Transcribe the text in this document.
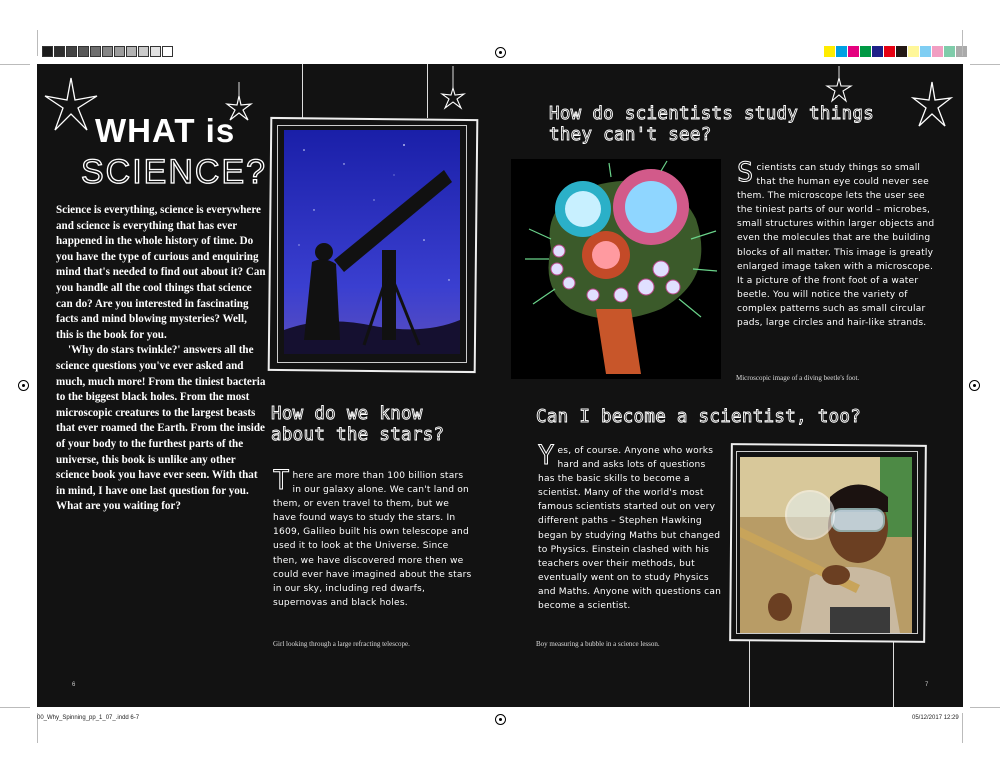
WHAT is
SCIENCE?

Science is everything, science is everywhere and science is everything that has ever happened in the whole history of time. Do you have the type of curious and enquiring mind that's needed to find out about it? Can you handle all the cool things that science can do? Are you interested in fascinating facts and mind blowing mysteries? Well, this is the book for you.

'Why do stars twinkle?' answers all the science questions you've ever asked and much, much more! From the tiniest bacteria to the biggest black holes. From the most microscopic creatures to the largest beasts that ever roamed the Earth. From the inside of your body to the furthest parts of the universe, this book is unlike any other science book you have ever seen. With that in mind, I have one last question for you. What are you waiting for?

How do we know about the stars?
T here are more than 100 billion stars in our galaxy alone. We can't land on them, or even travel to them, but we have found ways to study the stars. In 1609, Galileo built his own telescope and used it to look at the Universe. Since then, we have discovered more then we could ever have imagined about the stars in our sky, including red dwarfs, supernovas and black holes.
Girl looking through a large refracting telescope.
6
How do scientists study things they can't see?
S cientists can study things so small that the human eye could never see them. The microscope lets the user see the tiniest parts of our world – microbes, small structures within larger objects and even the molecules that are the building blocks of all matter. This image is greatly enlarged image taken with a microscope. It a picture of the front foot of a water beetle. You will notice the variety of complex patterns such as small circular pads, large circles and hair-like strands.
Microscopic image of a diving beetle's foot.
Can I become a scientist, too?
Y es, of course. Anyone who works hard and asks lots of questions has the basic skills to become a scientist. Many of the world's most famous scientists started out on very different paths – Stephen Hawking began by studying Maths but changed to Physics. Einstein clashed with his teachers over their methods, but eventually went on to study Physics and Maths. Anyone with questions can become a scientist.
Boy measuring a bubble in a science lesson.
7
00_Why_Spinning_pp_1_07_.indd 6-7	05/12/2017 12:29
